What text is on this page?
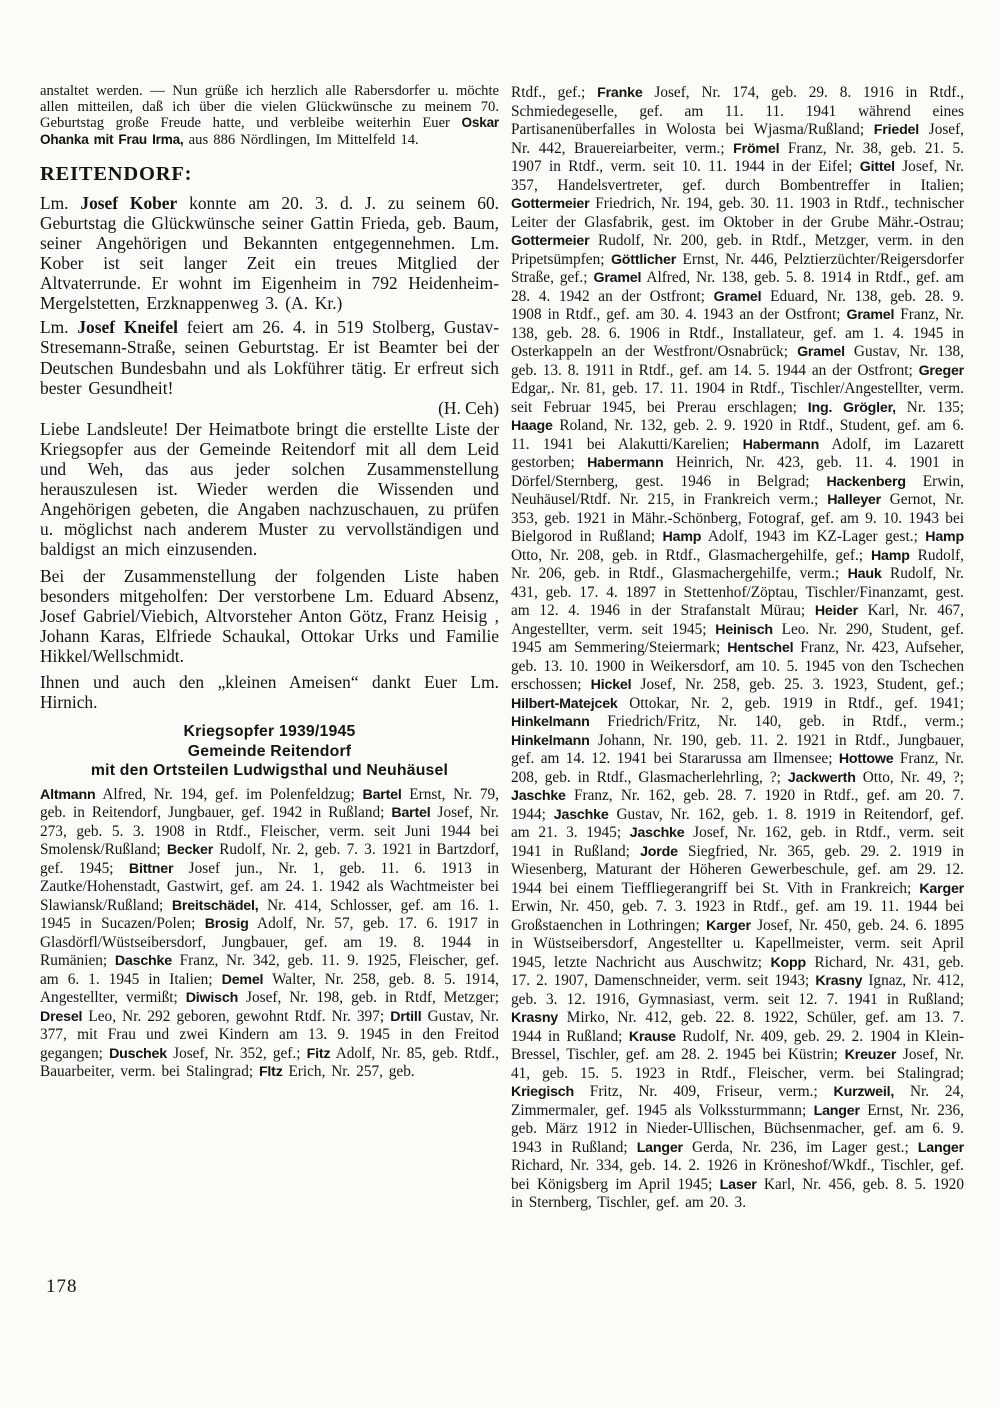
anstaltet werden. — Nun grüße ich herzlich alle Rabersdorfer u. möchte allen mitteilen, daß ich über die vielen Glückwünsche zu meinem 70. Geburtstag große Freude hatte, und verbleibe weiterhin Euer Oskar Ohanka mit Frau Irma, aus 886 Nördlingen, Im Mittelfeld 14.

REITENDORF:

Lm. Josef Kober konnte am 20. 3. d. J. zu seinem 60. Geburtstag die Glückwünsche seiner Gattin Frieda, geb. Baum, seiner Angehörigen und Bekannten entgegennehmen. Lm. Kober ist seit langer Zeit ein treues Mitglied der Altvaterrunde. Er wohnt im Eigenheim in 792 Heidenheim-Mergelstetten, Erzknappenweg 3. (A. Kr.)

Lm. Josef Kneifel feiert am 26. 4. in 519 Stolberg, Gustav-Stresemann-Straße, seinen Geburtstag. Er ist Beamter bei der Deutschen Bundesbahn und als Lokführer tätig. Er erfreut sich bester Gesundheit!

(H. Ceh)

Liebe Landsleute! Der Heimatbote bringt die erstellte Liste der Kriegsopfer aus der Gemeinde Reitendorf mit all dem Leid und Weh, das aus jeder solchen Zusammenstellung herauszulesen ist. Wieder werden die Wissenden und Angehörigen gebeten, die Angaben nachzuschauen, zu prüfen u. möglichst nach anderem Muster zu vervollständigen und baldigst an mich einzusenden.

Bei der Zusammenstellung der folgenden Liste haben besonders mitgeholfen: Der verstorbene Lm. Eduard Absenz, Josef Gabriel/Viebich, Altvorsteher Anton Götz, Franz Heisig , Johann Karas, Elfriede Schaukal, Ottokar Urks und Familie Hikkel/Wellschmidt.

Ihnen und auch den „kleinen Ameisen“ dankt Euer Lm. Hirnich.

Kriegsopfer 1939/1945
Gemeinde Reitendorf
mit den Ortsteilen Ludwigsthal und Neuhäusel

Altmann Alfred, Nr. 194, gef. im Polenfeldzug; Bartel Ernst, Nr. 79, geb. in Reitendorf, Jungbauer, gef. 1942 in Rußland; Bartel Josef, Nr. 273, geb. 5. 3. 1908 in Rtdf., Fleischer, verm. seit Juni 1944 bei Smolensk/Rußland; Becker Rudolf, Nr. 2, geb. 7. 3. 1921 in Bartzdorf, gef. 1945; Bittner Josef jun., Nr. 1, geb. 11. 6. 1913 in Zautke/Hohenstadt, Gastwirt, gef. am 24. 1. 1942 als Wachtmeister bei Slawiansk/Rußland; Breitschädel, Nr. 414, Schlosser, gef. am 16. 1. 1945 in Sucazen/Polen; Brosig Adolf, Nr. 57, geb. 17. 6. 1917 in Glasdörfl/Wüstseibersdorf, Jungbauer, gef. am 19. 8. 1944 in Rumänien; Daschke Franz, Nr. 342, geb. 11. 9. 1925, Fleischer, gef. am 6. 1. 1945 in Italien; Demel Walter, Nr. 258, geb. 8. 5. 1914, Angestellter, vermißt; Diwisch Josef, Nr. 198, geb. in Rtdf, Metzger; Dresel Leo, Nr. 292 geboren, gewohnt Rtdf. Nr. 397; Drtill Gustav, Nr. 377, mit Frau und zwei Kindern am 13. 9. 1945 in den Freitod gegangen; Duschek Josef, Nr. 352, gef.; Fitz Adolf, Nr. 85, geb. Rtdf., Bauarbeiter, verm. bei Stalingrad; Fltz Erich, Nr. 257, geb.

Rtdf., gef.; Franke Josef, Nr. 174, geb. 29. 8. 1916 in Rtdf., Schmiedegeselle, gef. am 11. 11. 1941 während eines Partisanenüberfalles in Wolosta bei Wjasma/Rußland; Friedel Josef, Nr. 442, Brauereiarbeiter, verm.; Frömel Franz, Nr. 38, geb. 21. 5. 1907 in Rtdf., verm. seit 10. 11. 1944 in der Eifel; Gittel Josef, Nr. 357, Handelsvertreter, gef. durch Bombentreffer in Italien; Gottermeier Friedrich, Nr. 194, geb. 30. 11. 1903 in Rtdf., technischer Leiter der Glasfabrik, gest. im Oktober in der Grube Mähr.-Ostrau; Gottermeier Rudolf, Nr. 200, geb. in Rtdf., Metzger, verm. in den Pripetsümpfen; Göttlicher Ernst, Nr. 446, Pelztierzüchter/Reigersdorfer Straße, gef.; Gramel Alfred, Nr. 138, geb. 5. 8. 1914 in Rtdf., gef. am 28. 4. 1942 an der Ostfront; Gramel Eduard, Nr. 138, geb. 28. 9. 1908 in Rtdf., gef. am 30. 4. 1943 an der Ostfront; Gramel Franz, Nr. 138, geb. 28. 6. 1906 in Rtdf., Installateur, gef. am 1. 4. 1945 in Osterkappeln an der Westfront/Osnabrück; Gramel Gustav, Nr. 138, geb. 13. 8. 1911 in Rtdf., gef. am 14. 5. 1944 an der Ostfront; Greger Edgar,. Nr. 81, geb. 17. 11. 1904 in Rtdf., Tischler/Angestellter, verm. seit Februar 1945, bei Prerau erschlagen; Ing. Grögler, Nr. 135; Haage Roland, Nr. 132, geb. 2. 9. 1920 in Rtdf., Student, gef. am 6. 11. 1941 bei Alakutti/Karelien; Habermann Adolf, im Lazarett gestorben; Habermann Heinrich, Nr. 423, geb. 11. 4. 1901 in Dörfel/Sternberg, gest. 1946 in Belgrad; Hackenberg Erwin, Neuhäusel/Rtdf. Nr. 215, in Frankreich verm.; Halleyer Gernot, Nr. 353, geb. 1921 in Mähr.-Schönberg, Fotograf, gef. am 9. 10. 1943 bei Bielgorod in Rußland; Hamp Adolf, 1943 im KZ-Lager gest.; Hamp Otto, Nr. 208, geb. in Rtdf., Glasmachergehilfe, gef.; Hamp Rudolf, Nr. 206, geb. in Rtdf., Glasmachergehilfe, verm.; Hauk Rudolf, Nr. 431, geb. 17. 4. 1897 in Stettenhof/Zöptau, Tischler/Finanzamt, gest. am 12. 4. 1946 in der Strafanstalt Mürau; Heider Karl, Nr. 467, Angestellter, verm. seit 1945; Heinisch Leo. Nr. 290, Student, gef. 1945 am Semmering/Steiermark; Hentschel Franz, Nr. 423, Aufseher, geb. 13. 10. 1900 in Weikersdorf, am 10. 5. 1945 von den Tschechen erschossen; Hickel Josef, Nr. 258, geb. 25. 3. 1923, Student, gef.; Hilbert-Matejcek Ottokar, Nr. 2, geb. 1919 in Rtdf., gef. 1941; Hinkelmann Friedrich/Fritz, Nr. 140, geb. in Rtdf., verm.; Hinkelmann Johann, Nr. 190, geb. 11. 2. 1921 in Rtdf., Jungbauer, gef. am 14. 12. 1941 bei Stararussa am Ilmensee; Hottowe Franz, Nr. 208, geb. in Rtdf., Glasmacherlehrling, ?; Jackwerth Otto, Nr. 49, ?; Jaschke Franz, Nr. 162, geb. 28. 7. 1920 in Rtdf., gef. am 20. 7. 1944; Jaschke Gustav, Nr. 162, geb. 1. 8. 1919 in Reitendorf, gef. am 21. 3. 1945; Jaschke Josef, Nr. 162, geb. in Rtdf., verm. seit 1941 in Rußland; Jorde Siegfried, Nr. 365, geb. 29. 2. 1919 in Wiesenberg, Maturant der Höheren Gewerbeschule, gef. am 29. 12. 1944 bei einem Tieffliegerangriff bei St. Vith in Frankreich; Karger Erwin, Nr. 450, geb. 7. 3. 1923 in Rtdf., gef. am 19. 11. 1944 bei Großstaenchen in Lothringen; Karger Josef, Nr. 450, geb. 24. 6. 1895 in Wüstseibersdorf, Angestellter u. Kapellmeister, verm. seit April 1945, letzte Nachricht aus Auschwitz; Kopp Richard, Nr. 431, geb. 17. 2. 1907, Damenschneider, verm. seit 1943; Krasny Ignaz, Nr. 412, geb. 3. 12. 1916, Gymnasiast, verm. seit 12. 7. 1941 in Rußland; Krasny Mirko, Nr. 412, geb. 22. 8. 1922, Schüler, gef. am 13. 7. 1944 in Rußland; Krause Rudolf, Nr. 409, geb. 29. 2. 1904 in Klein-Bressel, Tischler, gef. am 28. 2. 1945 bei Küstrin; Kreuzer Josef, Nr. 41, geb. 15. 5. 1923 in Rtdf., Fleischer, verm. bei Stalingrad; Kriegisch Fritz, Nr. 409, Friseur, verm.; Kurzweil, Nr. 24, Zimmermaler, gef. 1945 als Volkssturmmann; Langer Ernst, Nr. 236, geb. März 1912 in Nieder-Ullischen, Büchsenmacher, gef. am 6. 9. 1943 in Rußland; Langer Gerda, Nr. 236, im Lager gest.; Langer Richard, Nr. 334, geb. 14. 2. 1926 in Kröneshof/Wkdf., Tischler, gef. bei Königsberg im April 1945; Laser Karl, Nr. 456, geb. 8. 5. 1920 in Sternberg, Tischler, gef. am 20. 3.

178
